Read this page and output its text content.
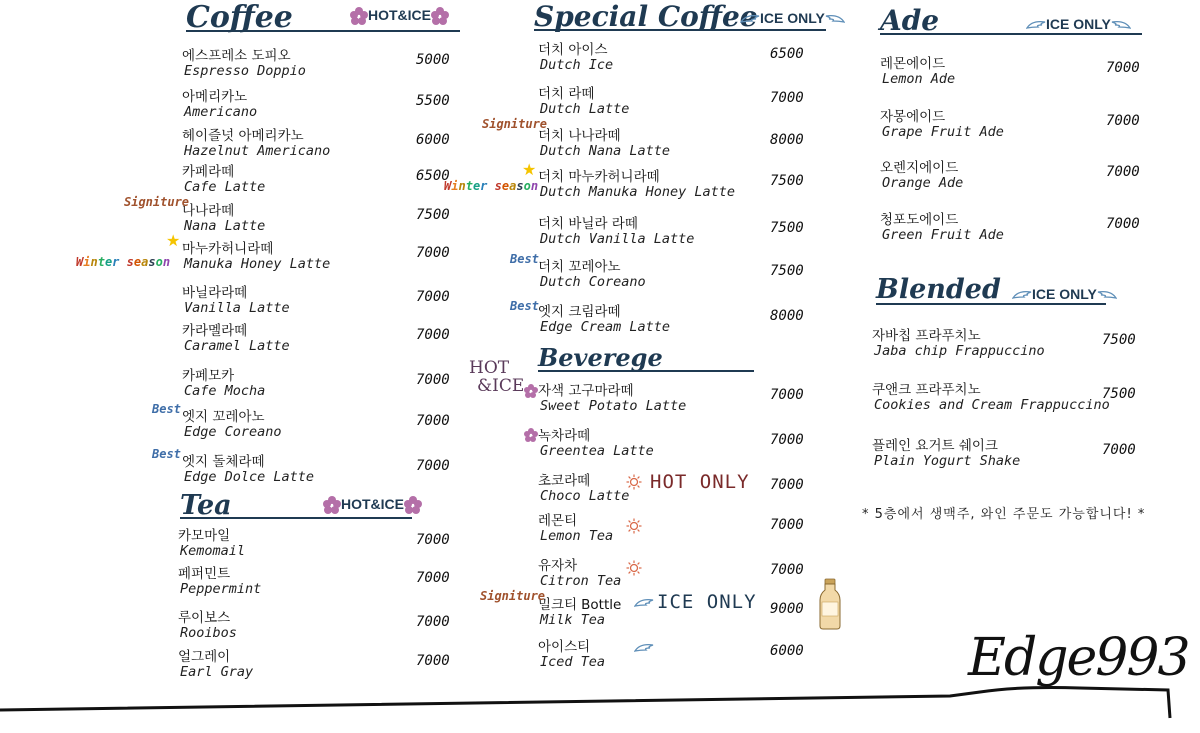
Coffee	HOT&ICE
에스프레소 도피오
Espresso Doppio
5000
아메리카노
Americano
5500
헤이즐넛 아메리카노
Hazelnut Americano
6000
카페라떼
Cafe Latte
6500
나나라떼
Nana Latte
7500
마누카허니라떼
Manuka Honey Latte
7000
바닐라라떼
Vanilla Latte
7000
카라멜라떼
Caramel Latte
7000
카페모카
Cafe Mocha
7000
엣지 꼬레아노
Edge Coreano
7000
엣지 돌체라떼
Edge Dolce Latte
7000
Signiture
★
Winter season
Best
Best
Tea	HOT&ICE
카모마일
Kemomail
7000
페퍼민트
Peppermint
7000
루이보스
Rooibos
7000
얼그레이
Earl Gray
7000
Special Coffee ICE ONLY
더치 아이스
Dutch Ice
6500
더치 라떼
Dutch Latte
7000
더치 나나라떼
Dutch Nana Latte
8000
더치 마누카허니라떼
Dutch Manuka Honey Latte
7500
더치 바닐라 라떼
Dutch Vanilla Latte
7500
더치 꼬레아노
Dutch Coreano
7500
엣지 크림라떼
Edge Cream Latte
8000
Signiture
★
Winter season
Best
Best
Beverege
HOT
&ICE 자색 고구마라떼
Sweet Potato Latte
7000
녹차라떼
Greentea Latte
7000
초코라떼
Choco Latte
7000
레몬티
Lemon Tea
7000
유자차
Citron Tea
7000
밀크티 Bottle
Milk Tea
9000
아이스티
Iced Tea
6000
HOT ONLY
ICE ONLY
Signiture
Ade	ICE ONLY
레몬에이드
Lemon Ade
7000
자몽에이드
Grape Fruit Ade
7000
오렌지에이드
Orange Ade
7000
청포도에이드
Green Fruit Ade
7000
Blended	ICE ONLY
자바칩 프라푸치노
Jaba chip Frappuccino
7500
쿠앤크 프라푸치노
Cookies and Cream Frappuccino
7500
플레인 요거트 쉐이크
Plain Yogurt Shake
7000
* 5층에서 생맥주, 와인 주문도 가능합니다! *
Edge993
